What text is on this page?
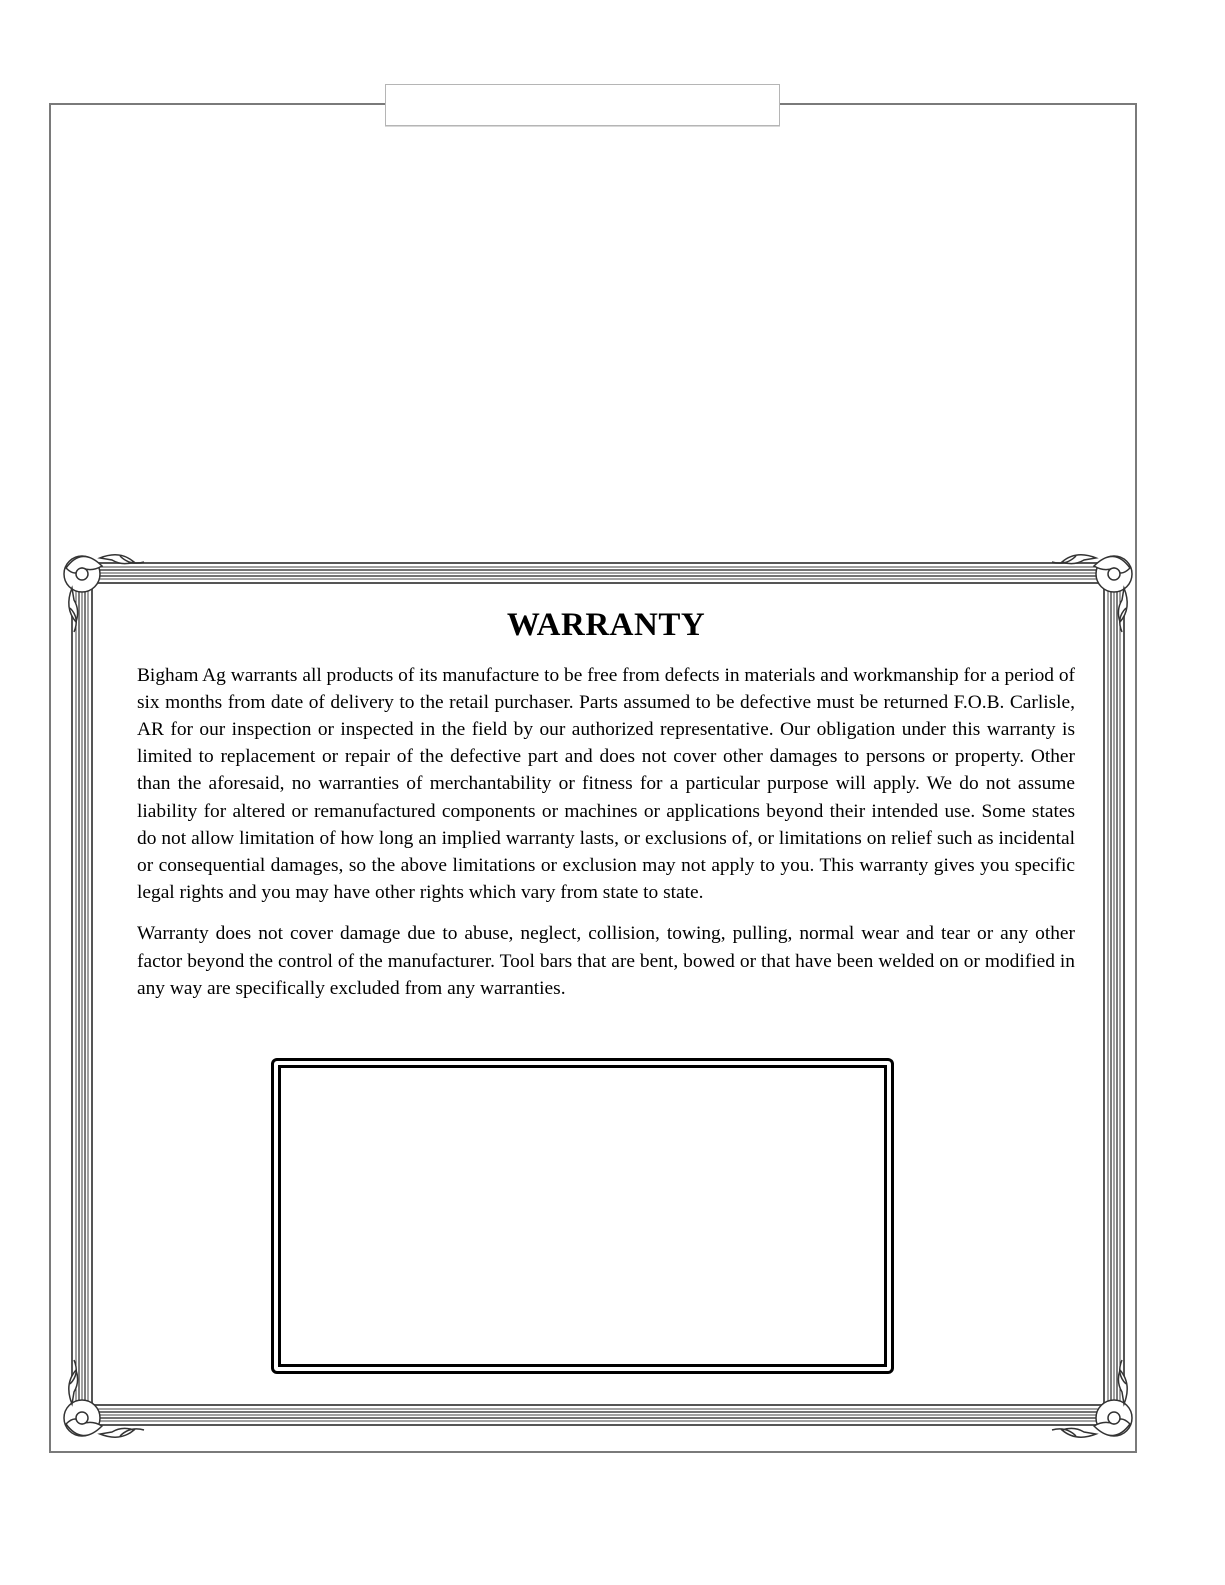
WARRANTY

Bigham Ag warrants all products of its manufacture to be free from defects in materials and workmanship for a period of six months from date of delivery to the retail purchaser. Parts assumed to be defective must be returned F.O.B. Carlisle, AR for our inspection or inspected in the field by our authorized representative. Our obligation under this warranty is limited to replacement or repair of the defective part and does not cover other damages to persons or property. Other than the aforesaid, no warranties of merchantability or fitness for a particular purpose will apply. We do not assume liability for altered or remanufactured components or machines or applications beyond their intended use. Some states do not allow limitation of how long an implied warranty lasts, or exclusions of, or limitations on relief such as incidental or consequential damages, so the above limitations or exclusion may not apply to you. This warranty gives you specific legal rights and you may have other rights which vary from state to state.

Warranty does not cover damage due to abuse, neglect, collision, towing, pulling, normal wear and tear or any other factor beyond the control of the manufacturer. Tool bars that are bent, bowed or that have been welded on or modified in any way are specifically excluded from any warranties.
